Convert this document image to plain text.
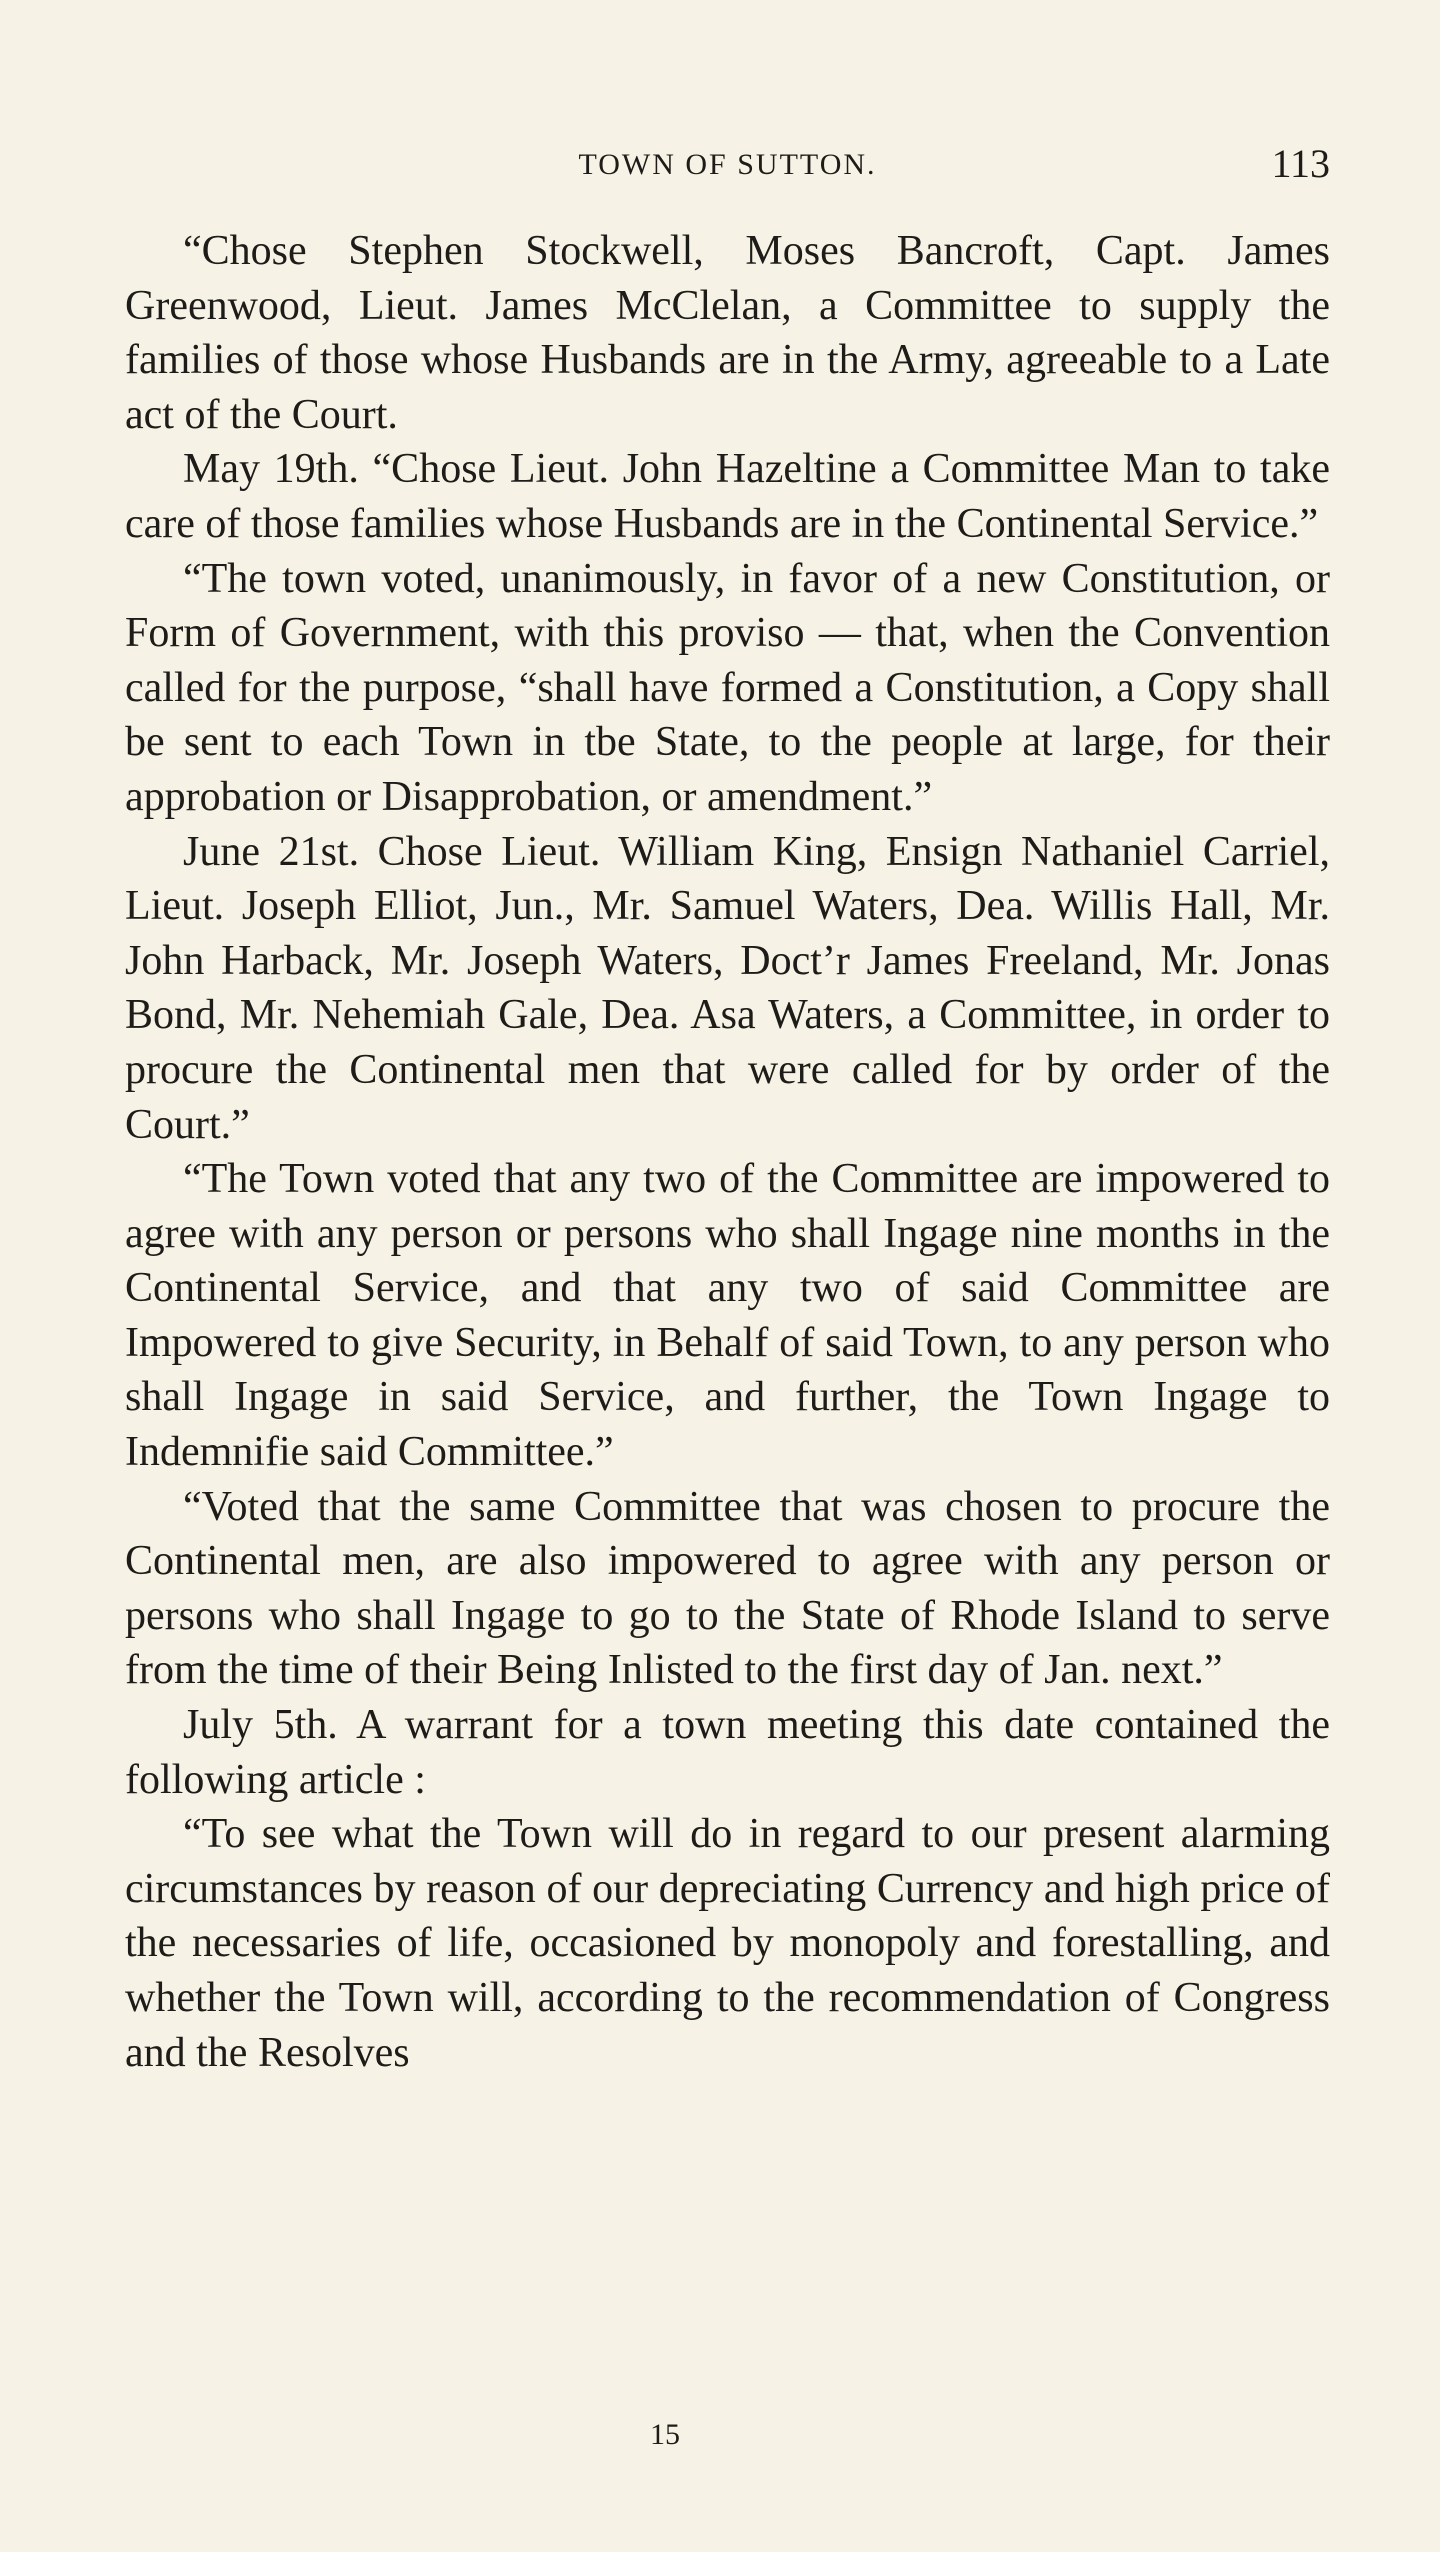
TOWN OF SUTTON.	113

“Chose Stephen Stockwell, Moses Bancroft, Capt. James Greenwood, Lieut. James McClelan, a Committee to supply the families of those whose Husbands are in the Army, agreeable to a Late act of the Court.

May 19th. “Chose Lieut. John Hazeltine a Committee Man to take care of those families whose Husbands are in the Continental Service.”

“The town voted, unanimously, in favor of a new Constitution, or Form of Government, with this proviso — that, when the Convention called for the purpose, “shall have formed a Constitution, a Copy shall be sent to each Town in tbe State, to the people at large, for their approbation or Disapprobation, or amendment.”

June 21st. Chose Lieut. William King, Ensign Nathaniel Carriel, Lieut. Joseph Elliot, Jun., Mr. Samuel Waters, Dea. Willis Hall, Mr. John Harback, Mr. Joseph Waters, Doct’r James Freeland, Mr. Jonas Bond, Mr. Nehemiah Gale, Dea. Asa Waters, a Committee, in order to procure the Continental men that were called for by order of the Court.”

“The Town voted that any two of the Committee are impowered to agree with any person or persons who shall Ingage nine months in the Continental Service, and that any two of said Committee are Impowered to give Security, in Behalf of said Town, to any person who shall Ingage in said Service, and further, the Town Ingage to Indemnifie said Committee.”

“Voted that the same Committee that was chosen to procure the Continental men, are also impowered to agree with any person or persons who shall Ingage to go to the State of Rhode Island to serve from the time of their Being Inlisted to the first day of Jan. next.”

July 5th. A warrant for a town meeting this date contained the following article :

“To see what the Town will do in regard to our present alarming circumstances by reason of our depreciating Currency and high price of the necessaries of life, occasioned by monopoly and forestalling, and whether the Town will, according to the recommendation of Congress and the Resolves

15
